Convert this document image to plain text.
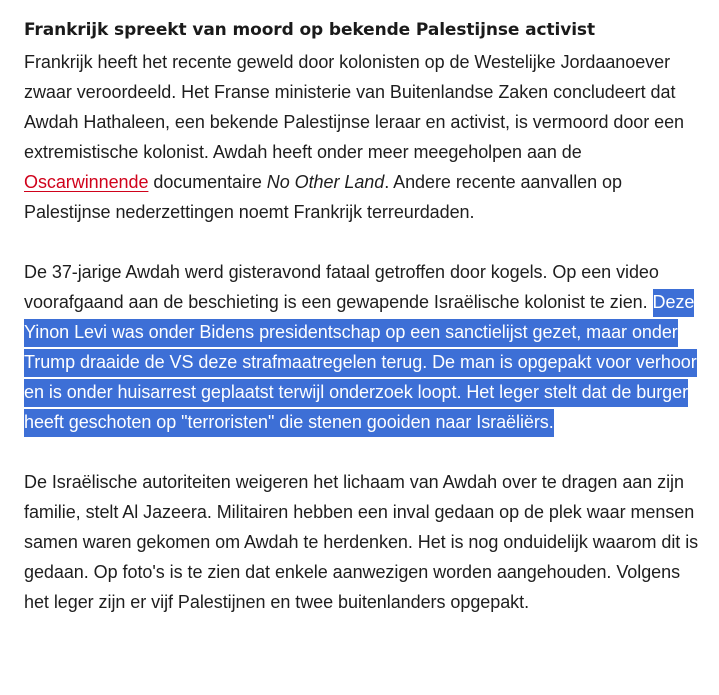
Frankrijk spreekt van moord op bekende Palestijnse activist

Frankrijk heeft het recente geweld door kolonisten op de Westelijke Jordaanoever zwaar veroordeeld. Het Franse ministerie van Buitenlandse Zaken concludeert dat Awdah Hathaleen, een bekende Palestijnse leraar en activist, is vermoord door een extremistische kolonist. Awdah heeft onder meer meegeholpen aan de Oscarwinnende documentaire No Other Land. Andere recente aanvallen op Palestijnse nederzettingen noemt Frankrijk terreurdaden.

De 37-jarige Awdah werd gisteravond fataal getroffen door kogels. Op een video voorafgaand aan de beschieting is een gewapende Israëlische kolonist te zien. Deze Yinon Levi was onder Bidens presidentschap op een sanctielijst gezet, maar onder Trump draaide de VS deze strafmaatregelen terug. De man is opgepakt voor verhoor en is onder huisarrest geplaatst terwijl onderzoek loopt. Het leger stelt dat de burger heeft geschoten op "terroristen" die stenen gooiden naar Israëliërs.

De Israëlische autoriteiten weigeren het lichaam van Awdah over te dragen aan zijn familie, stelt Al Jazeera. Militairen hebben een inval gedaan op de plek waar mensen samen waren gekomen om Awdah te herdenken. Het is nog onduidelijk waarom dit is gedaan. Op foto's is te zien dat enkele aanwezigen worden aangehouden. Volgens het leger zijn er vijf Palestijnen en twee buitenlanders opgepakt.
